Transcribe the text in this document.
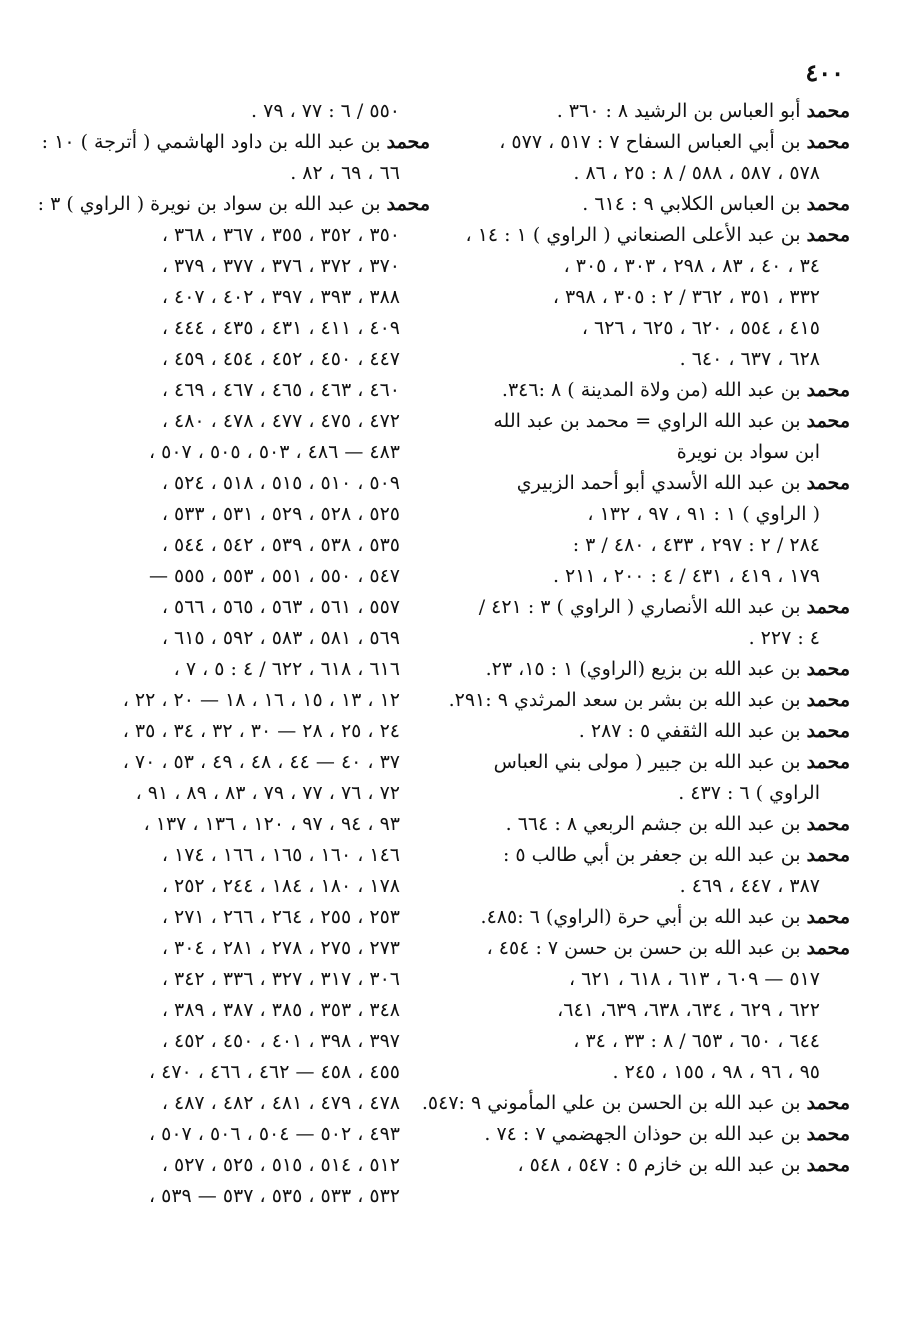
٤٠٠
محمد أبو العباس بن الرشيد ٨ : ٣٦٠ .
محمد بن أبي العباس السفاح ٧ : ٥١٧ ، ٥٧٧ ،
٥٧٨ ، ٥٨٧ ، ٥٨٨ / ٨ : ٢٥ ، ٨٦ .
محمد بن العباس الكلابي ٩ : ٦١٤ .
محمد بن عبد الأعلى الصنعاني ( الراوي ) ١ : ١٤ ،
٣٤ ، ٤٠ ، ٨٣ ، ٢٩٨ ، ٣٠٣ ، ٣٠٥ ،
٣٣٢ ، ٣٥١ ، ٣٦٢ / ٢ : ٣٠٥ ، ٣٩٨ ،
٤١٥ ، ٥٥٤ ، ٦٢٠ ، ٦٢٥ ، ٦٢٦ ،
٦٢٨ ، ٦٣٧ ، ٦٤٠ .
محمد بن عبد الله (من ولاة المدينة ) ٨ :٣٤٦.
محمد بن عبد الله الراوي = محمد بن عبد الله
ابن سواد بن نويرة
محمد بن عبد الله الأسدي أبو أحمد الزبيري
( الراوي ) ١ : ٩١ ، ٩٧ ، ١٣٢ ،
٢٨٤ / ٢ : ٢٩٧ ، ٤٣٣ ، ٤٨٠ / ٣ :
١٧٩ ، ٤١٩ ، ٤٣١ / ٤ : ٢٠٠ ، ٢١١ .
محمد بن عبد الله الأنصاري ( الراوي ) ٣ : ٤٢١ /
٤ : ٢٢٧ .
محمد بن عبد الله بن بزيع (الراوي) ١ : ١٥، ٢٣.
محمد بن عبد الله بن بشر بن سعد المرثدي ٩ :٢٩١.
محمد بن عبد الله الثقفي ٥ : ٢٨٧ .
محمد بن عبد الله بن جبير ( مولى بني العباس
الراوي ) ٦ : ٤٣٧ .
محمد بن عبد الله بن جشم الربعي ٨ : ٦٦٤ .
محمد بن عبد الله بن جعفر بن أبي طالب ٥ :
٣٨٧ ، ٤٤٧ ، ٤٦٩ .
محمد بن عبد الله بن أبي حرة (الراوي) ٦ :٤٨٥.
محمد بن عبد الله بن حسن بن حسن ٧ : ٤٥٤ ،
٥١٧ — ٦٠٩ ، ٦١٣ ، ٦١٨ ، ٦٢١ ،
٦٢٢ ، ٦٢٩ ، ٦٣٤، ٦٣٨، ٦٣٩، ٦٤١،
٦٤٤ ، ٦٥٠ ، ٦٥٣ / ٨ : ٣٣ ، ٣٤ ،
٩٥ ، ٩٦ ، ٩٨ ، ١٥٥ ، ٢٤٥ .
محمد بن عبد الله بن الحسن بن علي المأموني ٩ :٥٤٧.
محمد بن عبد الله بن حوذان الجهضمي ٧ : ٧٤ .
محمد بن عبد الله بن خازم ٥ : ٥٤٧ ، ٥٤٨ ،
٥٥٠ / ٦ : ٧٧ ، ٧٩ .
محمد بن عبد الله بن داود الهاشمي ( أترجة ) ١٠ :
٦٦ ، ٦٩ ، ٨٢ .
محمد بن عبد الله بن سواد بن نويرة ( الراوي ) ٣ :
٣٥٠ ، ٣٥٢ ، ٣٥٥ ، ٣٦٧ ، ٣٦٨ ،
٣٧٠ ، ٣٧٢ ، ٣٧٦ ، ٣٧٧ ، ٣٧٩ ،
٣٨٨ ، ٣٩٣ ، ٣٩٧ ، ٤٠٢ ، ٤٠٧ ،
٤٠٩ ، ٤١١ ، ٤٣١ ، ٤٣٥ ، ٤٤٤ ،
٤٤٧ ، ٤٥٠ ، ٤٥٢ ، ٤٥٤ ، ٤٥٩ ،
٤٦٠ ، ٤٦٣ ، ٤٦٥ ، ٤٦٧ ، ٤٦٩ ،
٤٧٢ ، ٤٧٥ ، ٤٧٧ ، ٤٧٨ ، ٤٨٠ ،
٤٨٣ — ٤٨٦ ، ٥٠٣ ، ٥٠٥ ، ٥٠٧ ،
٥٠٩ ، ٥١٠ ، ٥١٥ ، ٥١٨ ، ٥٢٤ ،
٥٢٥ ، ٥٢٨ ، ٥٢٩ ، ٥٣١ ، ٥٣٣ ،
٥٣٥ ، ٥٣٨ ، ٥٣٩ ، ٥٤٢ ، ٥٤٤ ،
٥٤٧ ، ٥٥٠ ، ٥٥١ ، ٥٥٣ ، ٥٥٥ —
٥٥٧ ، ٥٦١ ، ٥٦٣ ، ٥٦٥ ، ٥٦٦ ،
٥٦٩ ، ٥٨١ ، ٥٨٣ ، ٥٩٢ ، ٦١٥ ،
٦١٦ ، ٦١٨ ، ٦٢٢ / ٤ : ٥ ، ٧ ،
١٢ ، ١٣ ، ١٥ ، ١٦ ، ١٨ — ٢٠ ، ٢٢ ،
٢٤ ، ٢٥ ، ٢٨ — ٣٠ ، ٣٢ ، ٣٤ ، ٣٥ ،
٣٧ ، ٤٠ — ٤٤ ، ٤٨ ، ٤٩ ، ٥٣ ، ٧٠ ،
٧٢ ، ٧٦ ، ٧٧ ، ٧٩ ، ٨٣ ، ٨٩ ، ٩١ ،
٩٣ ، ٩٤ ، ٩٧ ، ١٢٠ ، ١٣٦ ، ١٣٧ ،
١٤٦ ، ١٦٠ ، ١٦٥ ، ١٦٦ ، ١٧٤ ،
١٧٨ ، ١٨٠ ، ١٨٤ ، ٢٤٤ ، ٢٥٢ ،
٢٥٣ ، ٢٥٥ ، ٢٦٤ ، ٢٦٦ ، ٢٧١ ،
٢٧٣ ، ٢٧٥ ، ٢٧٨ ، ٢٨١ ، ٣٠٤ ،
٣٠٦ ، ٣١٧ ، ٣٢٧ ، ٣٣٦ ، ٣٤٢ ،
٣٤٨ ، ٣٥٣ ، ٣٨٥ ، ٣٨٧ ، ٣٨٩ ،
٣٩٧ ، ٣٩٨ ، ٤٠١ ، ٤٥٠ ، ٤٥٢ ،
٤٥٥ ، ٤٥٨ — ٤٦٢ ، ٤٦٦ ، ٤٧٠ ،
٤٧٨ ، ٤٧٩ ، ٤٨١ ، ٤٨٢ ، ٤٨٧ ،
٤٩٣ ، ٥٠٢ — ٥٠٤ ، ٥٠٦ ، ٥٠٧ ،
٥١٢ ، ٥١٤ ، ٥١٥ ، ٥٢٥ ، ٥٢٧ ،
٥٣٢ ، ٥٣٣ ، ٥٣٥ ، ٥٣٧ — ٥٣٩ ،
